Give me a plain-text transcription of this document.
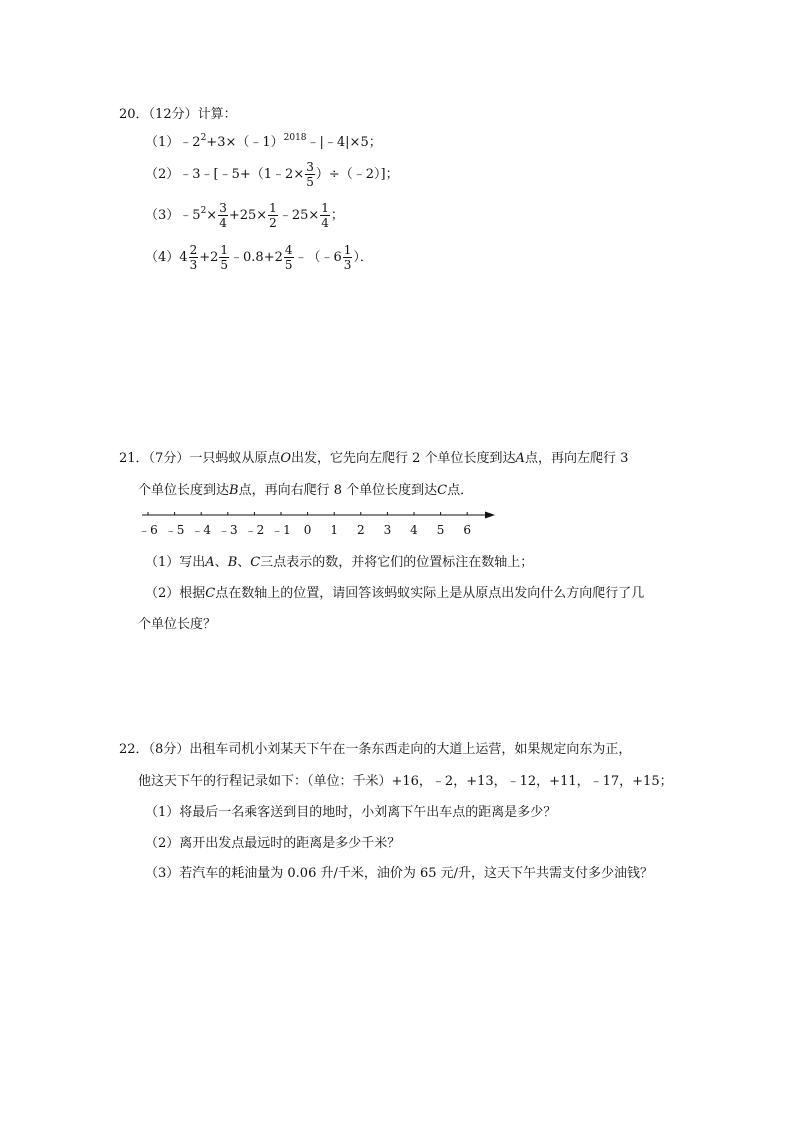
20．（12分）计算：
$(1)﹣2^2+3\times(﹣1)^{2018}﹣|﹣4|\times 5$；
（2）﹣3﹣[﹣5+（1﹣2× $\frac{3}{5}$ ）÷（﹣2）]；
$(3)﹣5^2\times \frac{3}{4} +25\times \frac{1}{2}$ ﹣25× $\frac{1}{4}$ ；
$(4)4 \frac{2}{3} +2 \frac{1}{5}$ ﹣0.8+2 $\frac{4}{5}$ ﹣（﹣6 $\frac{1}{3}$ ）．
21．（7分）一只蚂蚁从原点O出发，它先向左爬行 2 个单位长度到达A点，再向左爬行 3
个单位长度到达B点，再向右爬行 8 个单位长度到达C点．
﹣6 ﹣5 ﹣4 ﹣3 ﹣2 ﹣1 0 1 2 3 4 5 6
（1）写出A、B、C三点表示的数，并将它们的位置标注在数轴上；
（2）根据C点在数轴上的位置，请回答该蚂蚁实际上是从原点出发向什么方向爬行了几
个单位长度？
22．（8分）出租车司机小刘某天下午在一条东西走向的大道上运营，如果规定向东为正，
他这天下午的行程记录如下：（单位：千米）+16，﹣2，+13，﹣12，+11，﹣17，+15；
（1）将最后一名乘客送到目的地时，小刘离下午出车点的距离是多少？
（2）离开出发点最远时的距离是多少千米？
（3）若汽车的耗油量为 0.06 升/千米，油价为 65 元/升，这天下午共需支付多少油钱？
